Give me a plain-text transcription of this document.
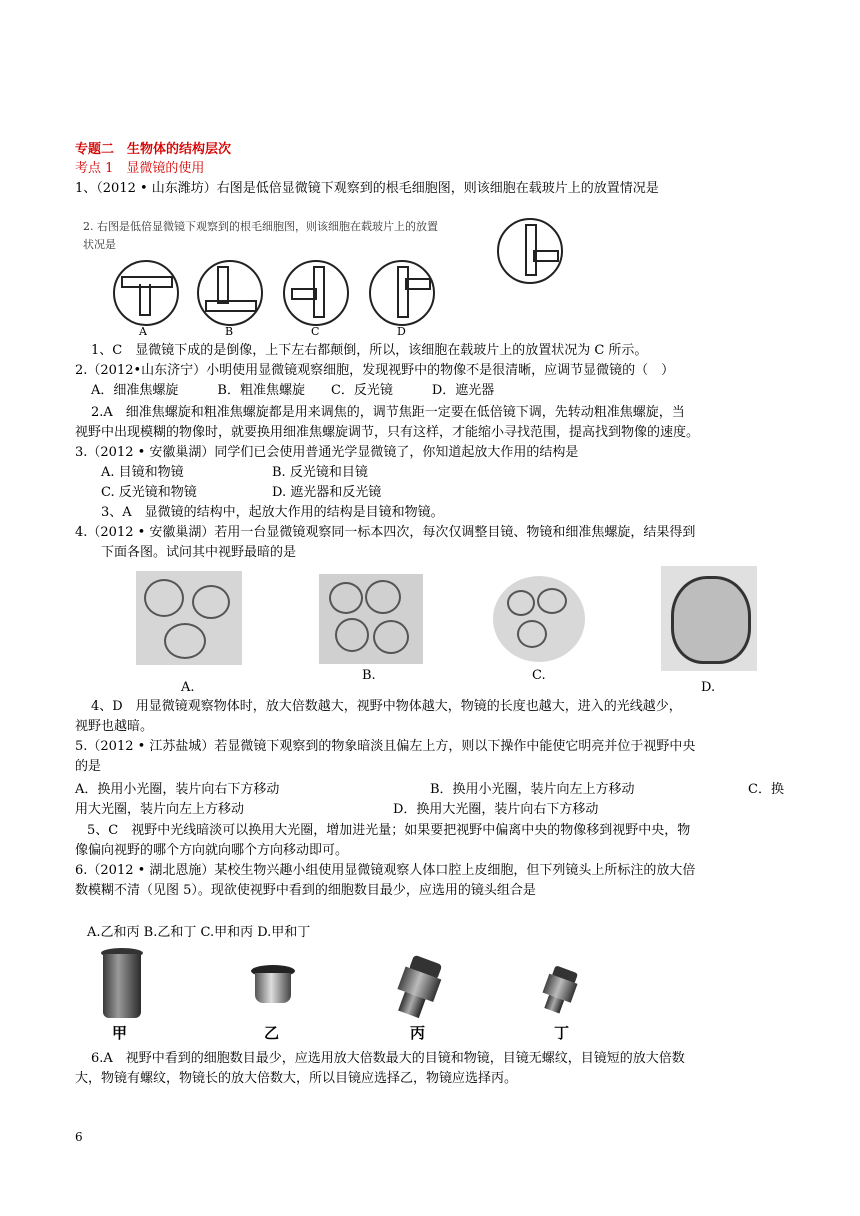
专题二　生物体的结构层次
考点 1　显微镜的使用
1、（2012 • 山东潍坊）右图是低倍显微镜下观察到的根毛细胞图，则该细胞在载玻片上的放置情况是
2. 右图是低倍显微镜下观察到的根毛细胞图，则该细胞在载玻片上的放置
状况是
A	B	C	D
1、C　显微镜下成的是倒像，上下左右都颠倒，所以，该细胞在载玻片上的放置状况为 C 所示。
2.（2012•山东济宁）小明使用显微镜观察细胞，发现视野中的物像不是很清晰，应调节显微镜的（　）
A．细准焦螺旋　　　B．粗准焦螺旋　　C．反光镜　　　D．遮光器
2.A　细准焦螺旋和粗准焦螺旋都是用来调焦的，调节焦距一定要在低倍镜下调，先转动粗准焦螺旋，当
视野中出现模糊的物像时，就要换用细准焦螺旋调节，只有这样，才能缩小寻找范围，提高找到物像的速度。
3.（2012 • 安徽巢湖）同学们已会使用普通光学显微镜了，你知道起放大作用的结构是
A. 目镜和物镜	B. 反光镜和目镜
C. 反光镜和物镜	D. 遮光器和反光镜
3、A　显微镜的结构中，起放大作用的结构是目镜和物镜。
4.（2012 • 安徽巢湖）若用一台显微镜观察同一标本四次，每次仅调整目镜、物镜和细准焦螺旋，结果得到
下面各图。试问其中视野最暗的是
A.
B.	C.
D.
4、D　用显微镜观察物体时，放大倍数越大，视野中物体越大，物镜的长度也越大，进入的光线越少，
视野也越暗。
5.（2012 • 江苏盐城）若显微镜下观察到的物象暗淡且偏左上方，则以下操作中能使它明亮并位于视野中央
的是
A．换用小光圈，装片向右下方移动	B．换用小光圈，装片向左上方移动	C．换
用大光圈，装片向左上方移动	D．换用大光圈，装片向右下方移动
5、C　视野中光线暗淡可以换用大光圈，增加进光量；如果要把视野中偏离中央的物像移到视野中央，物
像偏向视野的哪个方向就向哪个方向移动即可。
6.（2012 • 湖北恩施）某校生物兴趣小组使用显微镜观察人体口腔上皮细胞，但下列镜头上所标注的放大倍
数模糊不清（见图 5）。现欲使视野中看到的细胞数目最少，应选用的镜头组合是
A.乙和丙 B.乙和丁 C.甲和丙 D.甲和丁
甲	乙	丙	丁
6.A　视野中看到的细胞数目最少，应选用放大倍数最大的目镜和物镜，目镜无螺纹，目镜短的放大倍数
大，物镜有螺纹，物镜长的放大倍数大，所以目镜应选择乙，物镜应选择丙。
6
